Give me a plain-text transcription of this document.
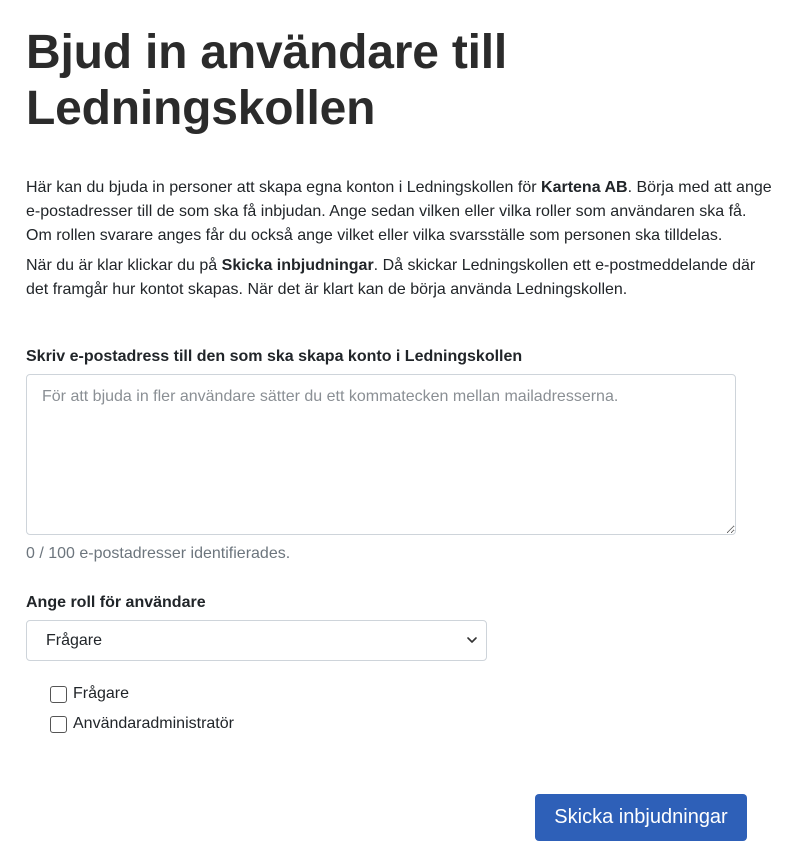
Bjud in användare till Ledningskollen

Här kan du bjuda in personer att skapa egna konton i Ledningskollen för Kartena AB. Börja med att ange e-postadresser till de som ska få inbjudan. Ange sedan vilken eller vilka roller som användaren ska få. Om rollen svarare anges får du också ange vilket eller vilka svarsställe som personen ska tilldelas.

När du är klar klickar du på Skicka inbjudningar. Då skickar Ledningskollen ett e-postmeddelande där det framgår hur kontot skapas. När det är klart kan de börja använda Ledningskollen.

Skriv e-postadress till den som ska skapa konto i Ledningskollen
För att bjuda in fler användare sätter du ett kommatecken mellan mailadresserna.
0 / 100 e-postadresser identifierades.
Ange roll för användare
Frågare
Frågare
Användaradministratör
Skicka inbjudningar
